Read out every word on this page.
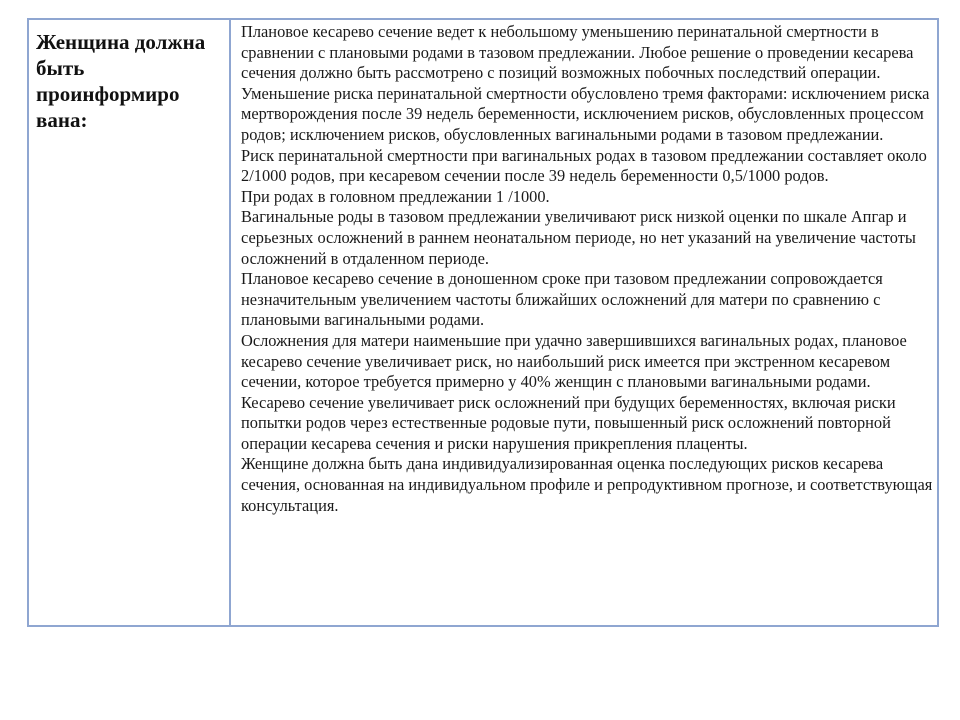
Женщина должна быть проинформиро вана:

Плановое кесарево сечение ведет к небольшому уменьшению перинатальной смертности в сравнении с плановыми родами в тазовом предлежании. Любое решение о проведении кесарева сечения должно быть рассмотрено с позиций возможных побочных последствий операции.

Уменьшение риска перинатальной смертности обусловлено тремя факторами: исключением риска мертворождения после 39 недель беременности, исключением рисков, обусловленных процессом родов; исключением рисков, обусловленных вагинальными родами в тазовом предлежании.

Риск перинатальной смертности при вагинальных родах в тазовом предлежании составляет около 2/1000 родов, при кесаревом сечении после 39 недель беременности 0,5/1000 родов.

При родах в головном предлежании 1 /1000.

Вагинальные роды в тазовом предлежании увеличивают риск низкой оценки по шкале Апгар и серьезных осложнений в раннем неонатальном периоде, но нет указаний на увеличение частоты осложнений в отдаленном периоде.

Плановое кесарево сечение в доношенном сроке при тазовом предлежании сопровождается незначительным увеличением частоты ближайших осложнений для матери по сравнению с плановыми вагинальными родами.

Осложнения для матери наименьшие при удачно завершившихся вагинальных родах, плановое кесарево сечение увеличивает риск, но наибольший риск имеется при экстренном кесаревом сечении, которое требуется примерно у 40% женщин с плановыми вагинальными родами.

Кесарево сечение увеличивает риск осложнений при будущих беременностях, включая риски попытки родов через естественные родовые пути, повышенный риск осложнений повторной операции кесарева сечения и риски нарушения прикрепления плаценты.

Женщине должна быть дана индивидуализированная оценка последующих рисков кесарева сечения, основанная на индивидуальном профиле и репродуктивном прогнозе, и соответствующая консультация.
